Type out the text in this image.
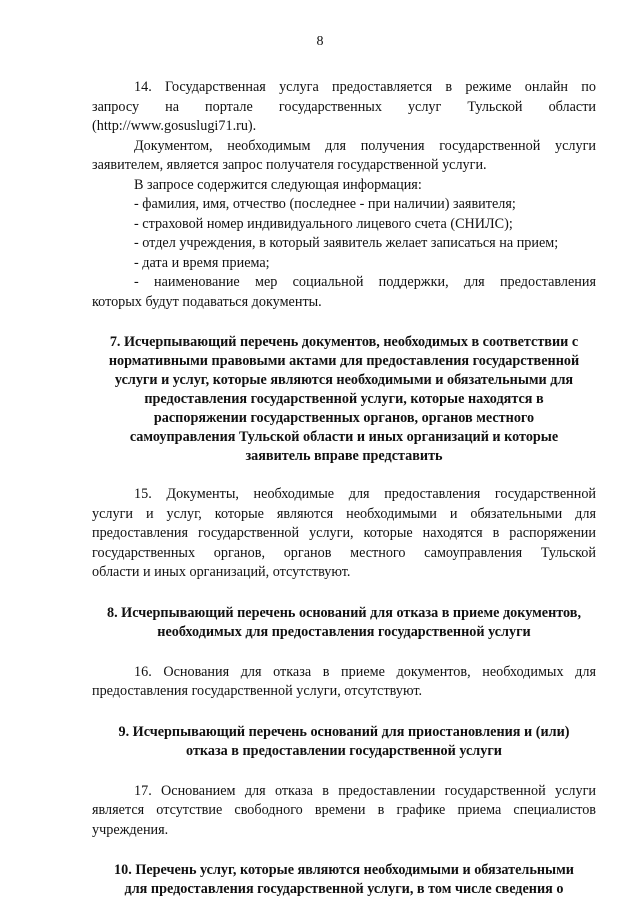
8

14. Государственная услуга предоставляется в режиме онлайн по

запросу на портале государственных услуг Тульской области

(http://www.gosuslugi71.ru).

Документом, необходимым для получения государственной услуги

заявителем, является запрос получателя государственной услуги.

В запросе содержится следующая информация:

- фамилия, имя, отчество (последнее - при наличии) заявителя;

- страховой номер индивидуального лицевого счета (СНИЛС);

- отдел учреждения, в который заявитель желает записаться на прием;

- дата и время приема;

- наименование мер социальной поддержки, для предоставления

которых будут подаваться документы.

7. Исчерпывающий перечень документов, необходимых в соответствии с

нормативными правовыми актами для предоставления государственной

услуги и услуг, которые являются необходимыми и обязательными для

предоставления государственной услуги, которые находятся в

распоряжении государственных органов, органов местного

самоуправления Тульской области и иных организаций и которые

заявитель вправе представить

15. Документы, необходимые для предоставления государственной

услуги и услуг, которые являются необходимыми и обязательными для

предоставления государственной услуги, которые находятся в распоряжении

государственных органов, органов местного самоуправления Тульской

области и иных организаций, отсутствуют.

8. Исчерпывающий перечень оснований для отказа в приеме документов,

необходимых для предоставления государственной услуги

16. Основания для отказа в приеме документов, необходимых для

предоставления государственной услуги, отсутствуют.

9. Исчерпывающий перечень оснований для приостановления и (или)

отказа в предоставлении государственной услуги

17. Основанием для отказа в предоставлении государственной услуги

является отсутствие свободного времени в графике приема специалистов

учреждения.

10. Перечень услуг, которые являются необходимыми и обязательными

для предоставления государственной услуги, в том числе сведения о
